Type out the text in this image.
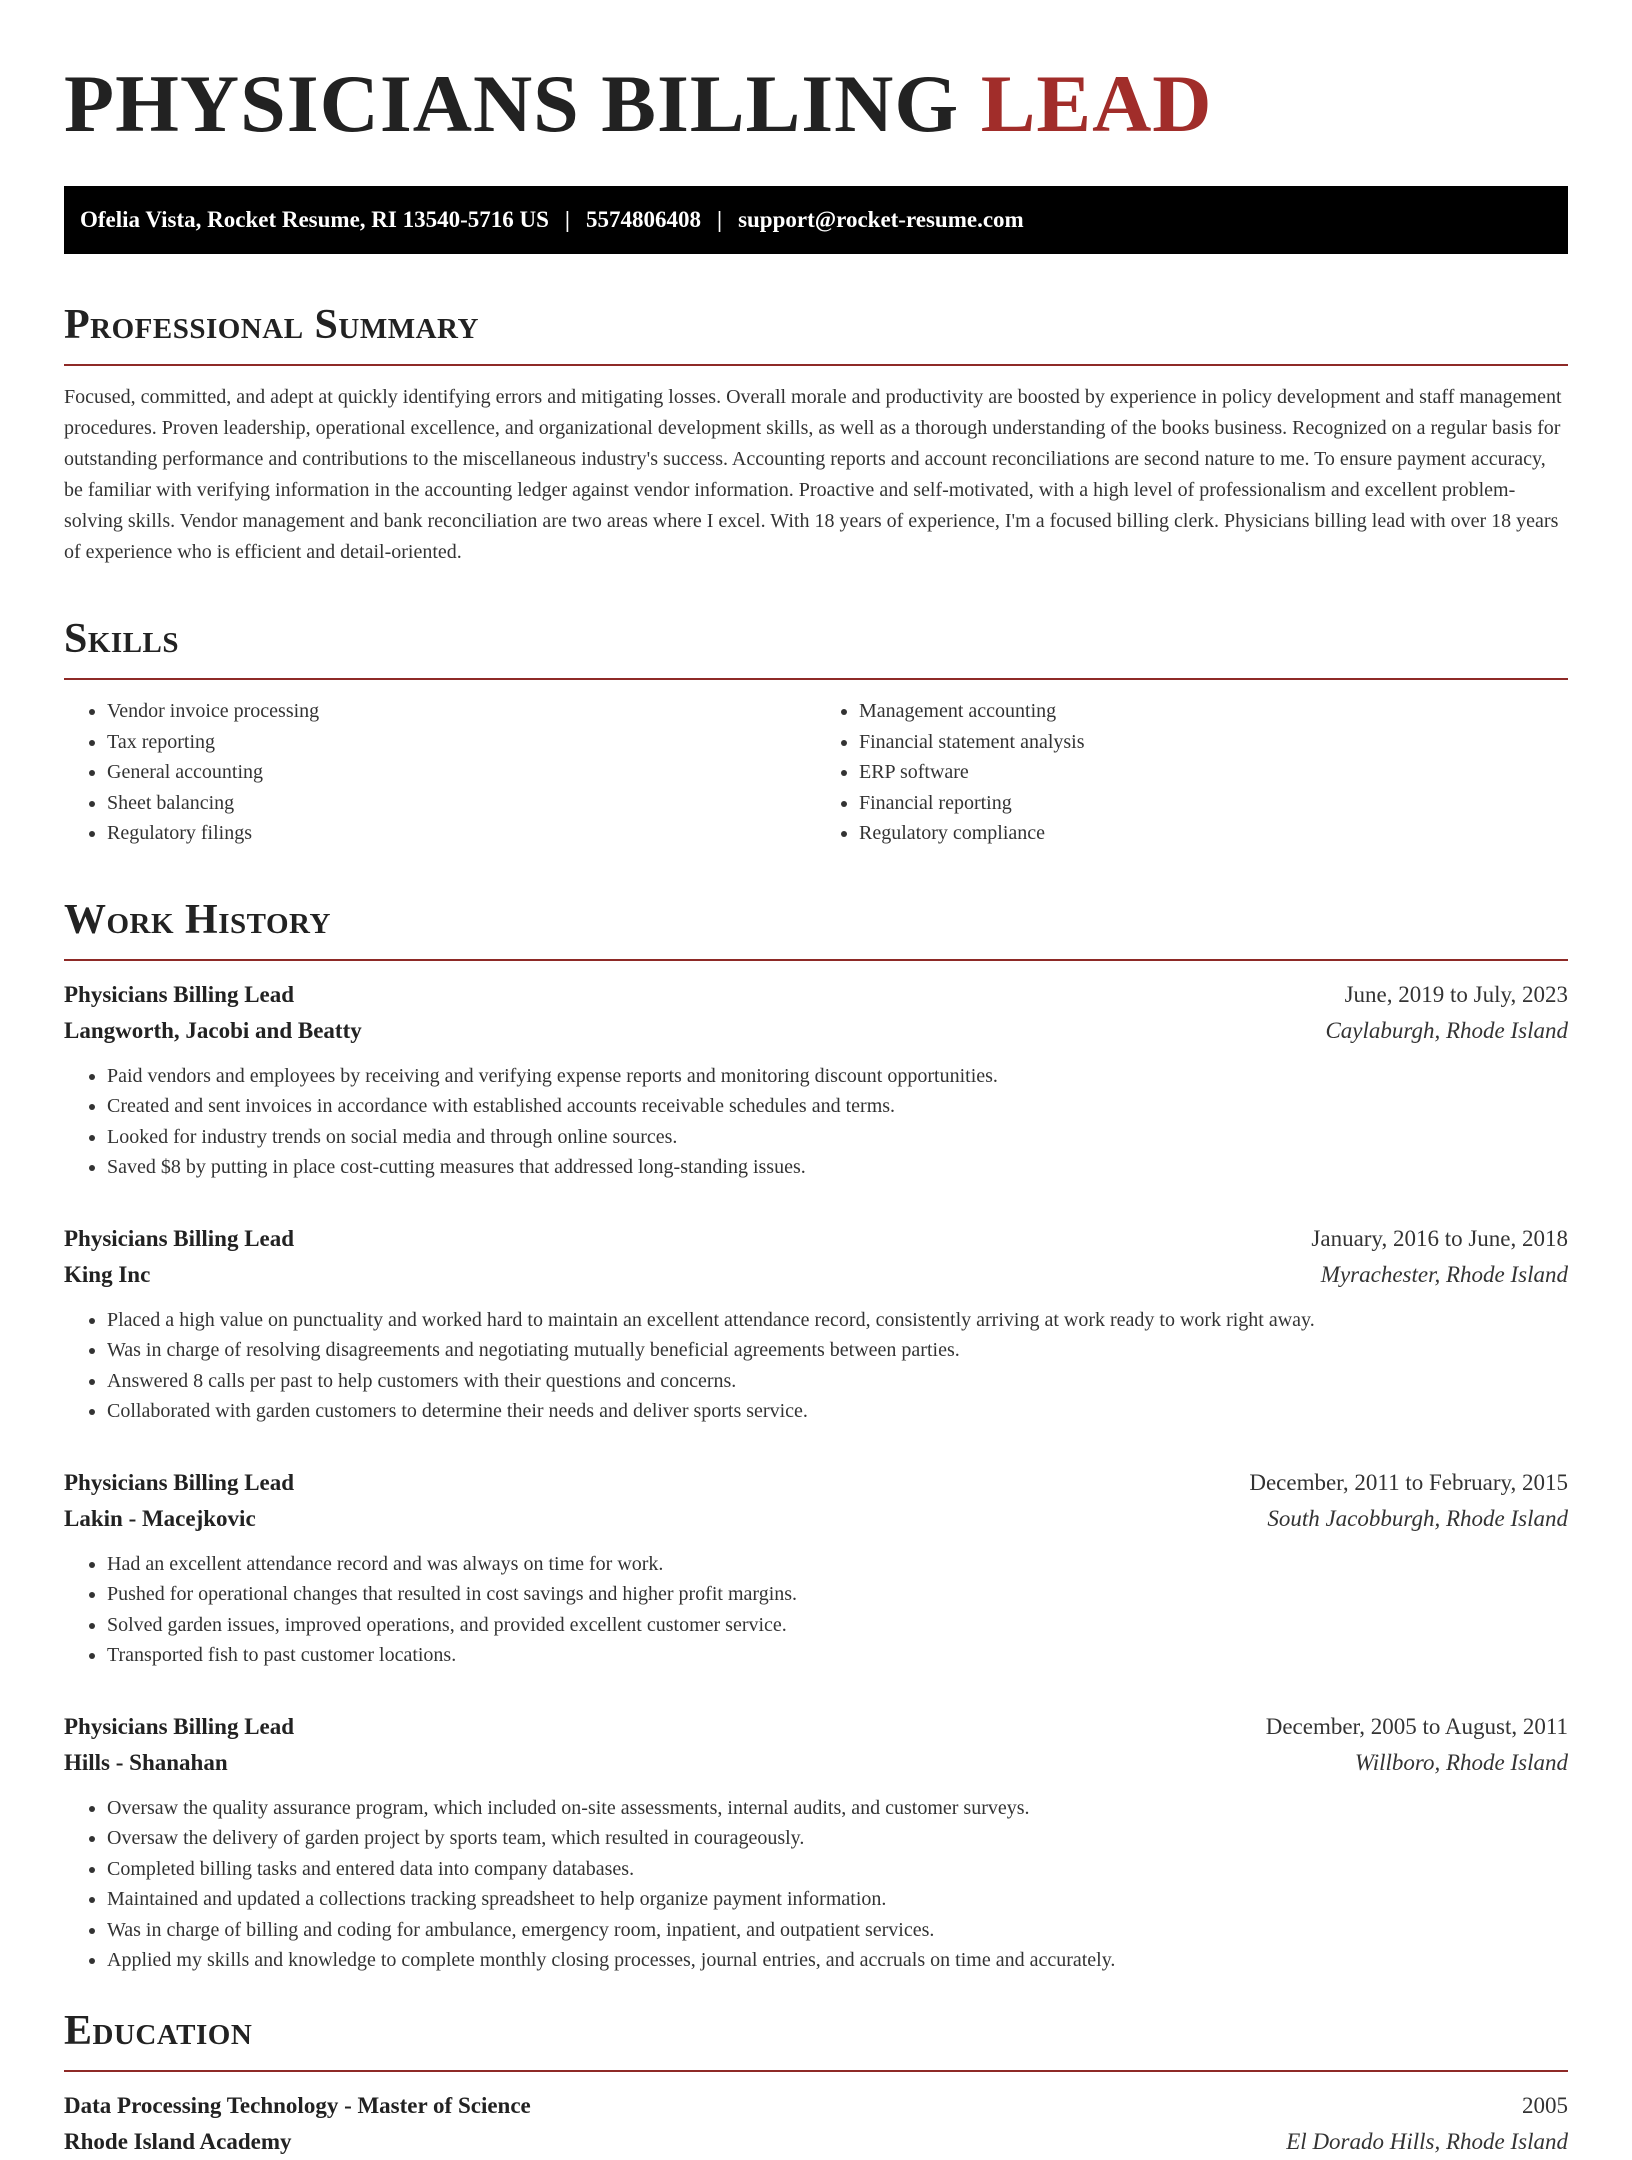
PHYSICIANS BILLING LEAD
Ofelia Vista, Rocket Resume, RI 13540-5716 US | 5574806408 | support@rocket-resume.com
Professional Summary

Focused, committed, and adept at quickly identifying errors and mitigating losses. Overall morale and productivity are boosted by experience in policy development and staff management procedures. Proven leadership, operational excellence, and organizational development skills, as well as a thorough understanding of the books business. Recognized on a regular basis for outstanding performance and contributions to the miscellaneous industry's success. Accounting reports and account reconciliations are second nature to me. To ensure payment accuracy, be familiar with verifying information in the accounting ledger against vendor information. Proactive and self-motivated, with a high level of professionalism and excellent problem-solving skills. Vendor management and bank reconciliation are two areas where I excel. With 18 years of experience, I'm a focused billing clerk. Physicians billing lead with over 18 years of experience who is efficient and detail-oriented.

Skills
• Vendor invoice processing
• Tax reporting
• General accounting
• Sheet balancing
• Regulatory filings
• Management accounting
• Financial statement analysis
• ERP software
• Financial reporting
• Regulatory compliance
Work History
Physicians Billing Lead	June, 2019 to July, 2023
Langworth, Jacobi and Beatty	Caylaburgh, Rhode Island
• Paid vendors and employees by receiving and verifying expense reports and monitoring discount opportunities.
• Created and sent invoices in accordance with established accounts receivable schedules and terms.
• Looked for industry trends on social media and through online sources.
• Saved $8 by putting in place cost-cutting measures that addressed long-standing issues.
Physicians Billing Lead	January, 2016 to June, 2018
King Inc	Myrachester, Rhode Island
• Placed a high value on punctuality and worked hard to maintain an excellent attendance record, consistently arriving at work ready to work right away.
• Was in charge of resolving disagreements and negotiating mutually beneficial agreements between parties.
• Answered 8 calls per past to help customers with their questions and concerns.
• Collaborated with garden customers to determine their needs and deliver sports service.
Physicians Billing Lead	December, 2011 to February, 2015
Lakin - Macejkovic	South Jacobburgh, Rhode Island
• Had an excellent attendance record and was always on time for work.
• Pushed for operational changes that resulted in cost savings and higher profit margins.
• Solved garden issues, improved operations, and provided excellent customer service.
• Transported fish to past customer locations.
Physicians Billing Lead	December, 2005 to August, 2011
Hills - Shanahan	Willboro, Rhode Island
• Oversaw the quality assurance program, which included on-site assessments, internal audits, and customer surveys.
• Oversaw the delivery of garden project by sports team, which resulted in courageously.
• Completed billing tasks and entered data into company databases.
• Maintained and updated a collections tracking spreadsheet to help organize payment information.
• Was in charge of billing and coding for ambulance, emergency room, inpatient, and outpatient services.
• Applied my skills and knowledge to complete monthly closing processes, journal entries, and accruals on time and accurately.
Education
Data Processing Technology - Master of Science	2005
Rhode Island Academy	El Dorado Hills, Rhode Island
